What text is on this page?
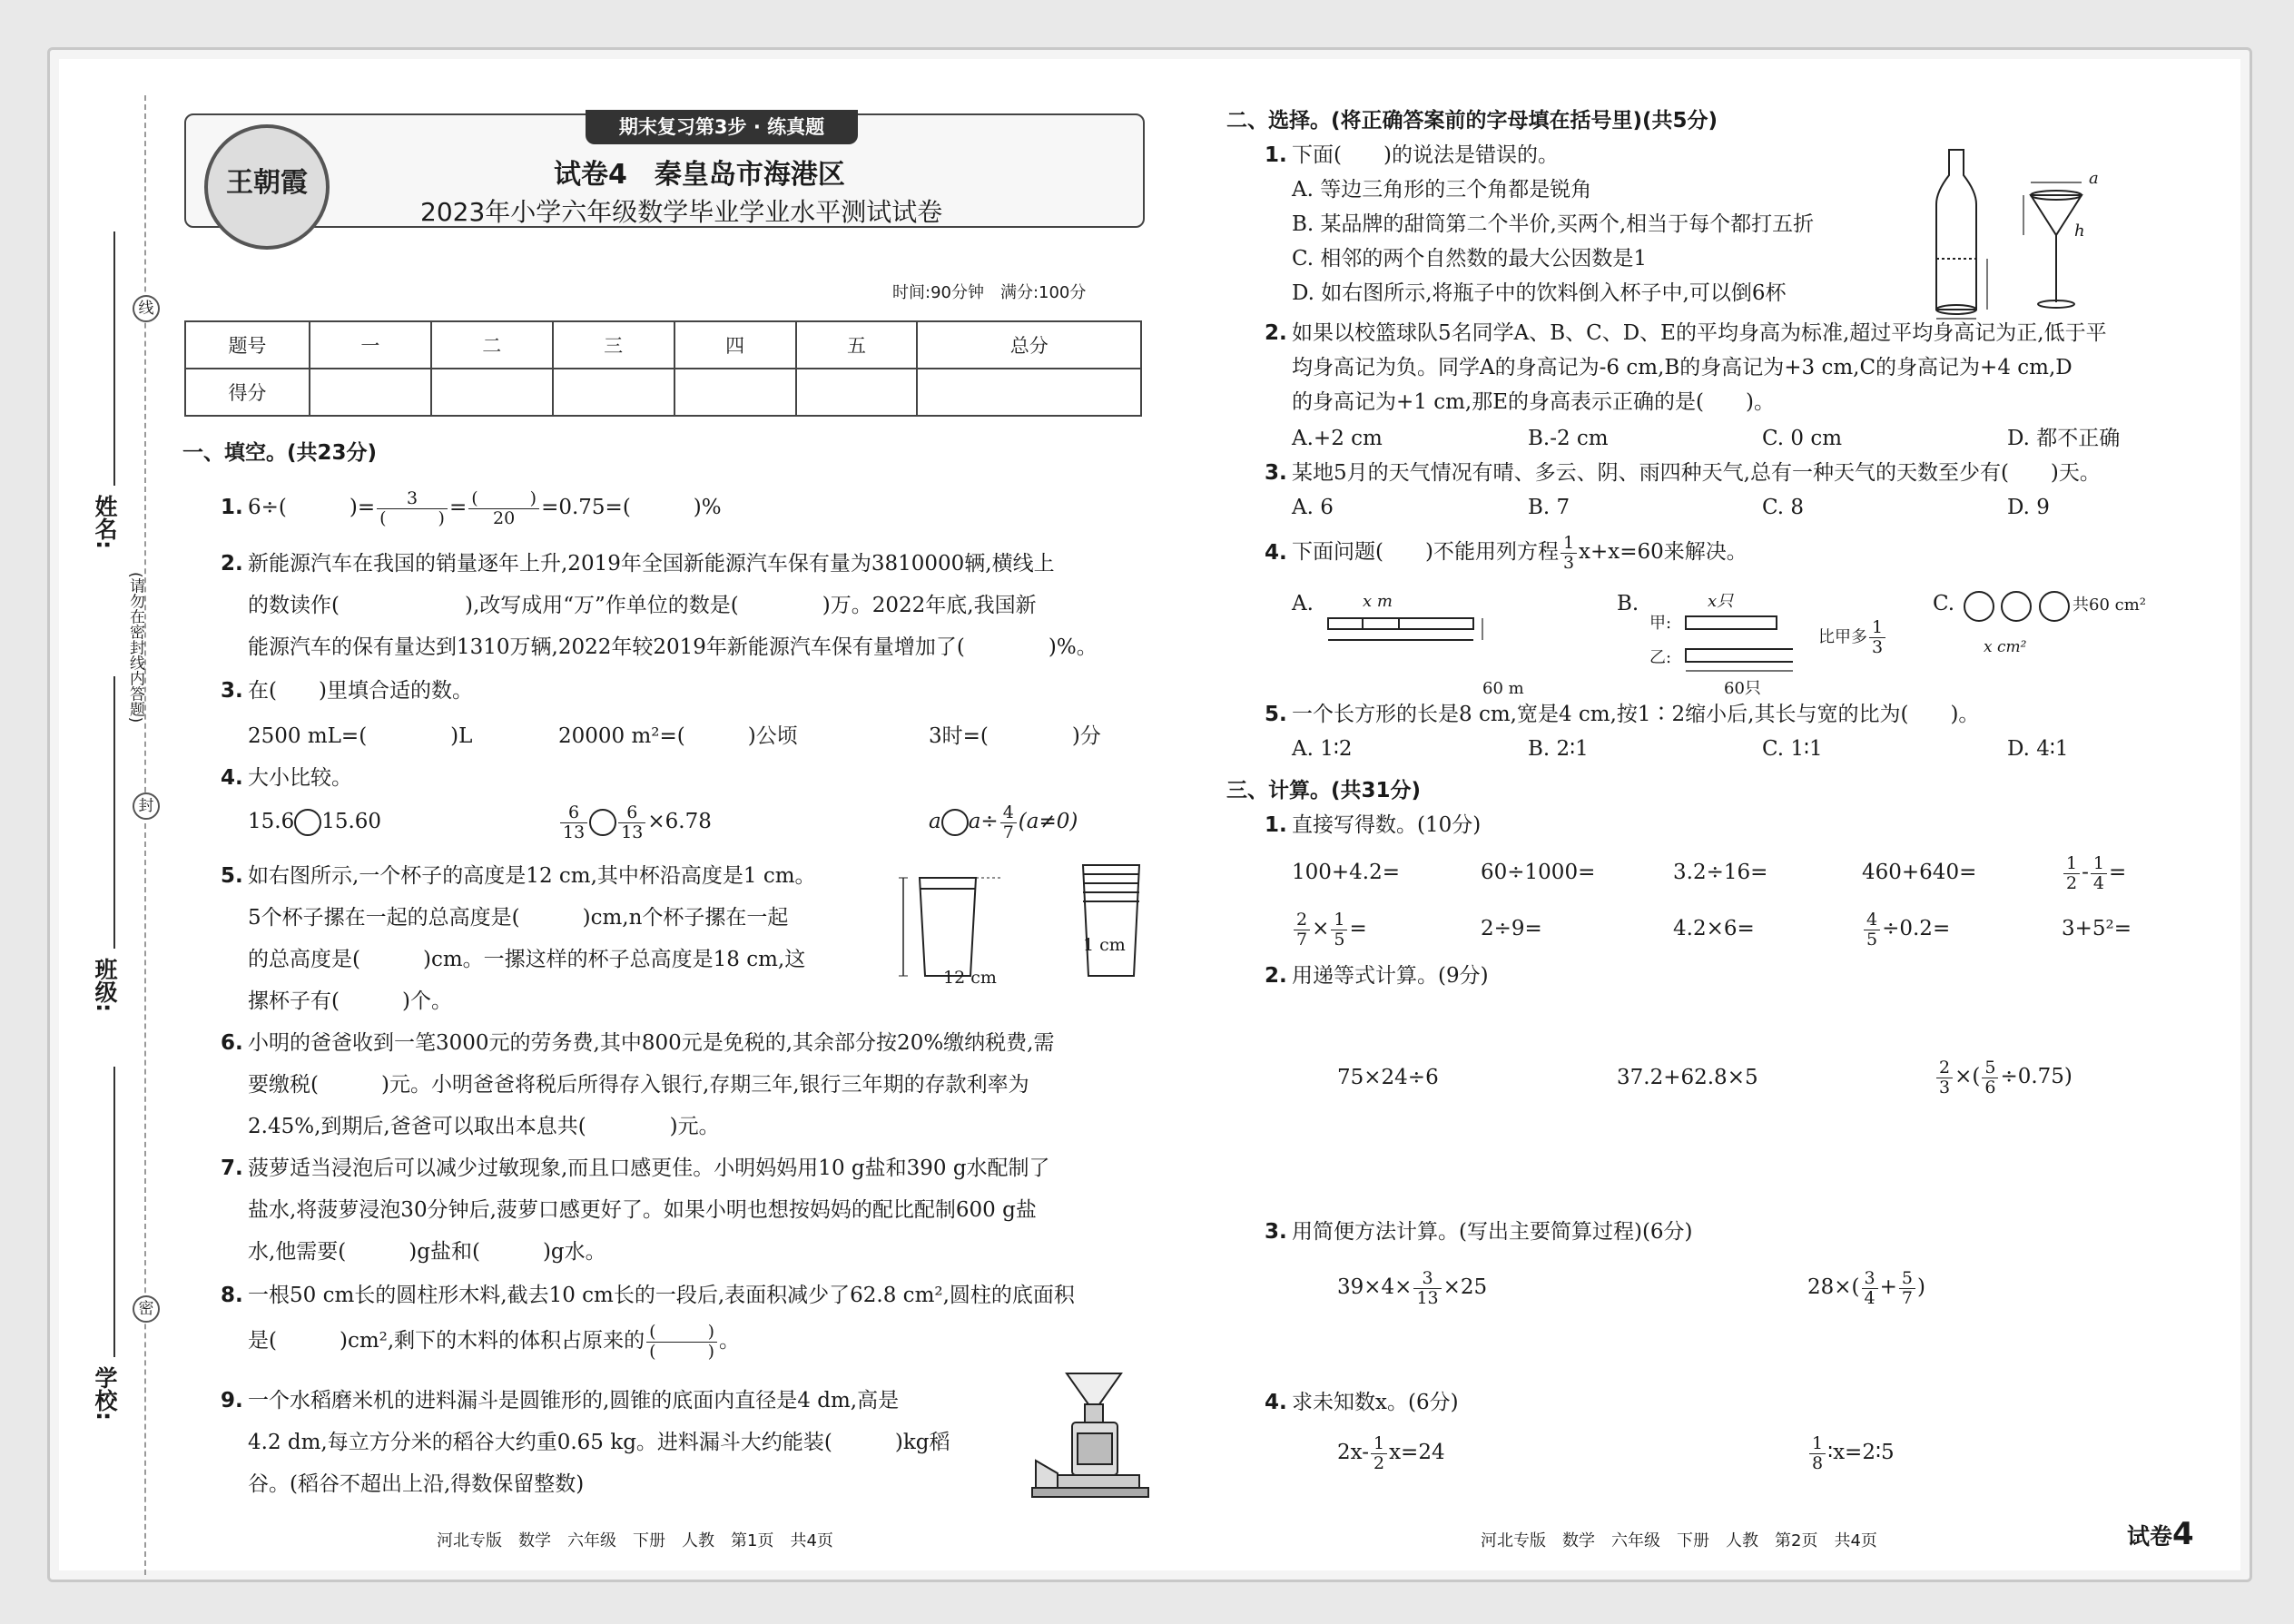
线
封
密
(请勿在密封线内答题)
姓名:
班级:
学校:
期末复习第3步 · 练真题
王朝霞	试卷4　秦皇岛市海港区
2023年小学六年级数学毕业学业水平测试试卷
时间:90分钟　满分:100分
题号	一	二	三	四	五	总分
得分						
一、填空。(共23分)
1. 6÷(　　　)= $\frac{3}{( )} = \frac{( )}{20} =0.75=$(　　　)%
2. 新能源汽车在我国的销量逐年上升,2019年全国新能源汽车保有量为3810000辆,横线上
的数读作(　　　　　　),改写成用“万”作单位的数是(　　　　)万。2022年底,我国新
能源汽车的保有量达到1310万辆,2022年较2019年新能源汽车保有量增加了(　　　　)%。
3. 在(　　)里填合适的数。
2500 mL=(　　　　)L	20000 m²=(　　　)公顷	3时=(　　　　)分
4. 大小比较。
15.6 15.60	$\frac{6}{13} \frac{6}{13} \times 6.78$	a $a\div \frac{4}{7} (a\ne 0)$
5. 如右图所示,一个杯子的高度是12 cm,其中杯沿高度是1 cm。
5个杯子摞在一起的总高度是(　　　)cm,n个杯子摞在一起
的总高度是(　　　)cm。一摞这样的杯子总高度是18 cm,这
摞杯子有(　　　)个。
12 cm
1 cm
6. 小明的爸爸收到一笔3000元的劳务费,其中800元是免税的,其余部分按20%缴纳税费,需
要缴税(　　　)元。小明爸爸将税后所得存入银行,存期三年,银行三年期的存款利率为
2.45%,到期后,爸爸可以取出本息共(　　　　)元。
7. 菠萝适当浸泡后可以减少过敏现象,而且口感更佳。小明妈妈用10 g盐和390 g水配制了
盐水,将菠萝浸泡30分钟后,菠萝口感更好了。如果小明也想按妈妈的配比配制600 g盐
水,他需要(　　　)g盐和(　　　)g水。
8. 一根50 cm长的圆柱形木料,截去10 cm长的一段后,表面积减少了62.8 cm²,圆柱的底面积
是(　　　)cm²,剩下的木料的体积占原来的 $\frac{( )}{( )}$ 。
9. 一个水稻磨米机的进料漏斗是圆锥形的,圆锥的底面内直径是4 dm,高是
4.2 dm,每立方分米的稻谷大约重0.65 kg。进料漏斗大约能装(　　　)kg稻
谷。(稻谷不超出上沿,得数保留整数)
河北专版　数学　六年级　下册　人教　第1页　共4页
二、选择。(将正确答案前的字母填在括号里)(共5分)
1. 下面(　　)的说法是错误的。
A. 等边三角形的三个角都是锐角
B. 某品牌的甜筒第二个半价,买两个,相当于每个都打五折
C. 相邻的两个自然数的最大公因数是1
D. 如右图所示,将瓶子中的饮料倒入杯子中,可以倒6杯
h
a
2. 如果以校篮球队5名同学A、B、C、D、E的平均身高为标准,超过平均身高记为正,低于平
均身高记为负。同学A的身高记为-6 cm,B的身高记为+3 cm,C的身高记为+4 cm,D
的身高记为+1 cm,那E的身高表示正确的是(　　)。
A.+2 cm	B.-2 cm	C. 0 cm	D. 都不正确
3. 某地5月的天气情况有晴、多云、阴、雨四种天气,总有一种天气的天数至少有(　　)天。
A. 6	B. 7	C. 8	D. 9
4. 下面问题(　　)不能用列方程 $\frac{1}{3} x+x=60$来解决。
A.	x m
60 m
B.	x只
甲:
乙:
比甲多 $\frac{1}{3}$
60只
C.
	共60 cm²
x cm²
5. 一个长方形的长是8 cm,宽是4 cm,按1∶2缩小后,其长与宽的比为(　　)。
A. 1∶2	B. 2∶1	C. 1∶1	D. 4∶1
三、计算。(共31分)
1. 直接写得数。(10分)
100+4.2=	60÷1000=	3.2÷16=	460+640=	$\frac{1}{2} - \frac{1}{4}$ =
$\frac{2}{7} \times \frac{1}{5}$ =	2÷9=	4.2×6=	$\frac{4}{5} \div 0.2=$	3+5²=
2. 用递等式计算。(9分)
75×24÷6	37.2+62.8×5	$\frac{2}{3}$ ×( $\frac{5}{6} \div 0.75$)
3. 用简便方法计算。(写出主要简算过程)(6分)
$39\times 4\times \frac{3}{13} \times 25$	$28\times( \frac{3}{4} + \frac{5}{7}$ )
4. 求未知数x。(6分)
$2x- \frac{1}{2} x=24$	$\frac{1}{8}$ ∶x=2∶5
河北专版　数学　六年级　下册　人教　第2页　共4页	试卷4
